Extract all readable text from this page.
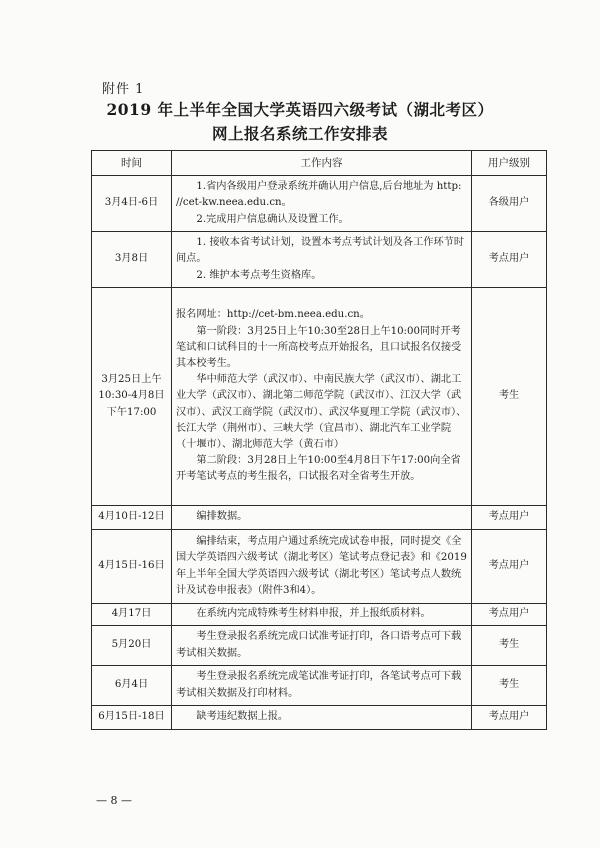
附件 1
2019 年上半年全国大学英语四六级考试（湖北考区）
网上报名系统工作安排表
时间	工作内容	用户级别
3月4日-6日	1.省内各级用户登录系统并确认用户信息,后台地址为 http: //cet-kw.neea.edu.cn。
2.完成用户信息确认及设置工作。	各级用户
3月8日	1. 接收本省考试计划，设置本考点考试计划及各工作环节时间点。
2. 维护本考点考生资格库。	考点用户
3月25日上午10:30-4月8日下午17:00	报名网址：http://cet-bm.neea.edu.cn。
第一阶段：3月25日上午10:30至28日上午10:00同时开考笔试和口试科目的十一所高校考点开始报名，且口试报名仅接受其本校考生。
华中师范大学（武汉市）、中南民族大学（武汉市）、湖北工业大学（武汉市）、湖北第二师范学院（武汉市）、江汉大学（武汉市）、武汉工商学院（武汉市）、武汉华夏理工学院（武汉市）、长江大学（荆州市）、三峡大学（宜昌市）、湖北汽车工业学院（十堰市）、湖北师范大学（黄石市）
第二阶段：3月28日上午10:00至4月8日下午17:00向全省开考笔试考点的考生报名，口试报名对全省考生开放。	考生
4月10日-12日	编排数据。	考点用户
4月15日-16日	编排结束，考点用户通过系统完成试卷申报，同时提交《全国大学英语四六级考试（湖北考区）笔试考点登记表》和《2019年上半年全国大学英语四六级考试（湖北考区）笔试考点人数统计及试卷申报表》（附件3和4）。	考点用户
4月17日	在系统内完成特殊考生材料申报，并上报纸质材料。	考点用户
5月20日	考生登录报名系统完成口试准考证打印，各口语考点可下载考试相关数据。	考生
6月4日	考生登录报名系统完成笔试准考证打印，各笔试考点可下载考试相关数据及打印材料。	考生
6月15日-18日	缺考违纪数据上报。	考点用户
— 8 —
